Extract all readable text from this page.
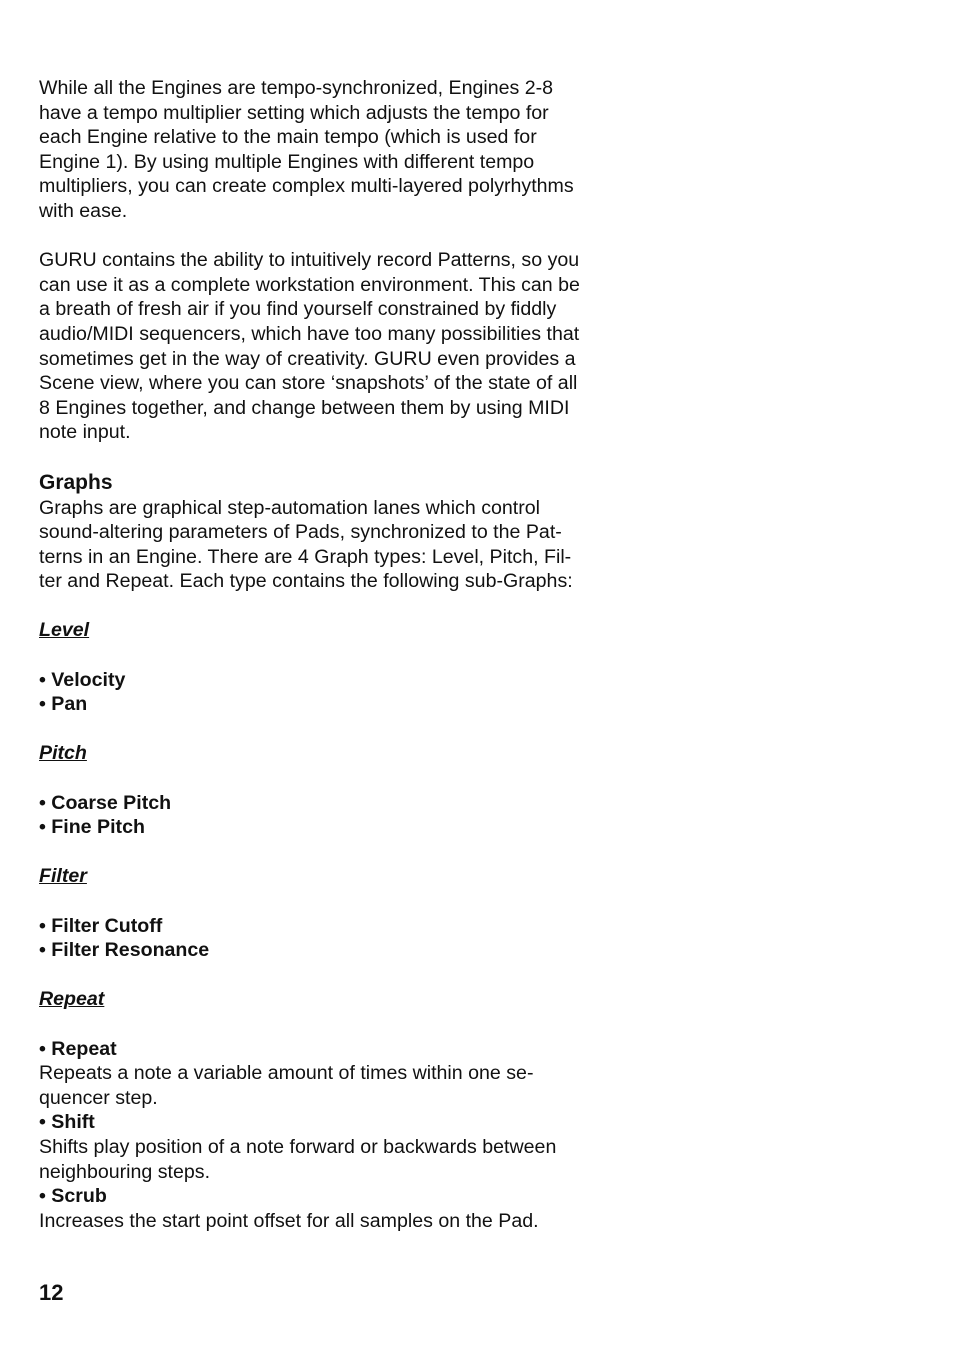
While all the Engines are tempo-synchronized, Engines 2-8
have a tempo multiplier setting which adjusts the tempo for
each Engine relative to the main tempo (which is used for
Engine 1). By using multiple Engines with different tempo
multipliers, you can create complex multi-layered polyrhythms
with ease.

GURU contains the ability to intuitively record Patterns, so you
can use it as a complete workstation environment. This can be
a breath of fresh air if you find yourself constrained by fiddly
audio/MIDI sequencers, which have too many possibilities that
sometimes get in the way of creativity. GURU even provides a
Scene view, where you can store ‘snapshots’ of the state of all
8 Engines together, and change between them by using MIDI
note input.

Graphs

Graphs are graphical step-automation lanes which control
sound-altering parameters of Pads, synchronized to the Pat-
terns in an Engine. There are 4 Graph types: Level, Pitch, Fil-
ter and Repeat. Each type contains the following sub-Graphs:

Level

• Velocity

• Pan

Pitch

• Coarse Pitch

• Fine Pitch

Filter

• Filter Cutoff

• Filter Resonance

Repeat

• Repeat

Repeats a note a variable amount of times within one se-
quencer step.

• Shift

Shifts play position of a note forward or backwards between
neighbouring steps.

• Scrub

Increases the start point offset for all samples on the Pad.

12
